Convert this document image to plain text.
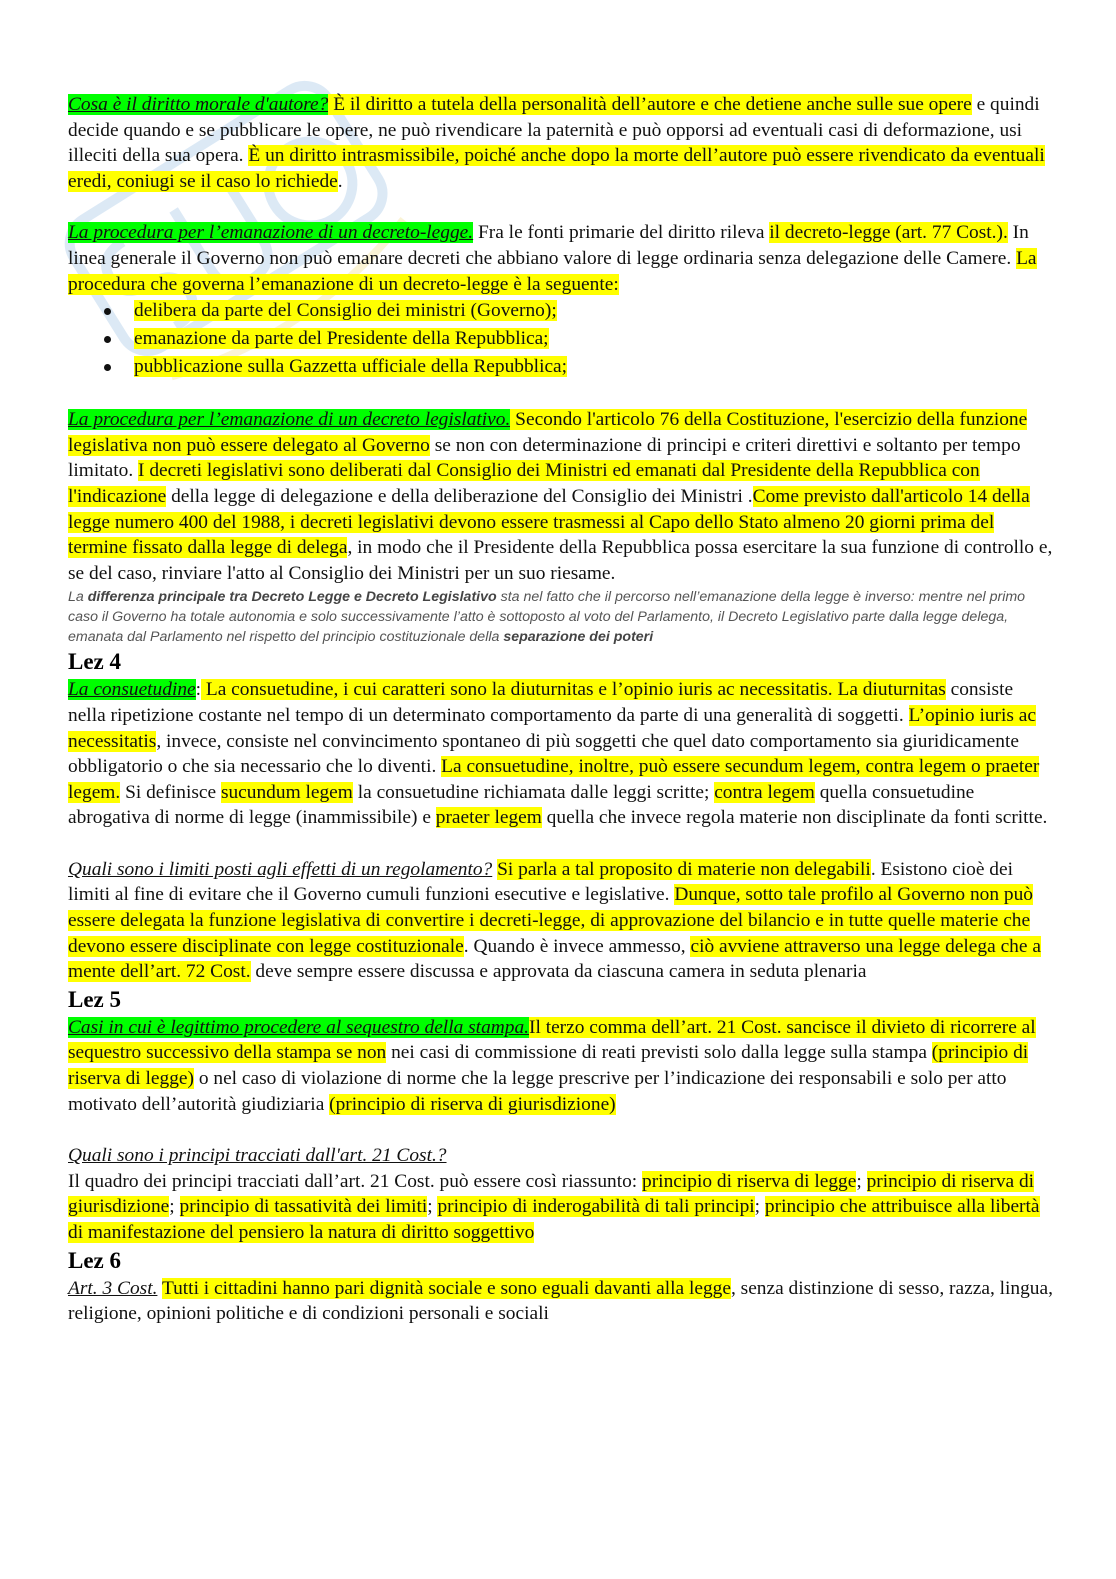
Cosa è il diritto morale d'autore? È il diritto a tutela della personalità dell’autore e che detiene anche sulle sue opere e quindi decide quando e se pubblicare le opere, ne può rivendicare la paternità e può opporsi ad eventuali casi di deformazione, usi illeciti della sua opera. È un diritto intrasmissibile, poiché anche dopo la morte dell’autore può essere rivendicato da eventuali eredi, coniugi se il caso lo richiede.

La procedura per l’emanazione di un decreto-legge. Fra le fonti primarie del diritto rileva il decreto-legge (art. 77 Cost.). In linea generale il Governo non può emanare decreti che abbiano valore di legge ordinaria senza delegazione delle Camere. La procedura che governa l’emanazione di un decreto-legge è la seguente:

delibera da parte del Consiglio dei ministri (Governo);
emanazione da parte del Presidente della Repubblica;
pubblicazione sulla Gazzetta ufficiale della Repubblica;

La procedura per l’emanazione di un decreto legislativo. Secondo l'articolo 76 della Costituzione, l'esercizio della funzione legislativa non può essere delegato al Governo se non con determinazione di principi e criteri direttivi e soltanto per tempo limitato. I decreti legislativi sono deliberati dal Consiglio dei Ministri ed emanati dal Presidente della Repubblica con l'indicazione della legge di delegazione e della deliberazione del Consiglio dei Ministri .Come previsto dall'articolo 14 della legge numero 400 del 1988, i decreti legislativi devono essere trasmessi al Capo dello Stato almeno 20 giorni prima del termine fissato dalla legge di delega, in modo che il Presidente della Repubblica possa esercitare la sua funzione di controllo e, se del caso, rinviare l'atto al Consiglio dei Ministri per un suo riesame.

La differenza principale tra Decreto Legge e Decreto Legislativo sta nel fatto che il percorso nell’emanazione della legge è inverso: mentre nel primo caso il Governo ha totale autonomia e solo successivamente l’atto è sottoposto al voto del Parlamento, il Decreto Legislativo parte dalla legge delega, emanata dal Parlamento nel rispetto del principio costituzionale della separazione dei poteri

Lez 4

La consuetudine: La consuetudine, i cui caratteri sono la diuturnitas e l’opinio iuris ac necessitatis. La diuturnitas consiste nella ripetizione costante nel tempo di un determinato comportamento da parte di una generalità di soggetti. L’opinio iuris ac necessitatis, invece, consiste nel convincimento spontaneo di più soggetti che quel dato comportamento sia giuridicamente obbligatorio o che sia necessario che lo diventi. La consuetudine, inoltre, può essere secundum legem, contra legem o praeter legem. Si definisce sucundum legem la consuetudine richiamata dalle leggi scritte; contra legem quella consuetudine abrogativa di norme di legge (inammissibile) e praeter legem quella che invece regola materie non disciplinate da fonti scritte.

Quali sono i limiti posti agli effetti di un regolamento? Si parla a tal proposito di materie non delegabili. Esistono cioè dei limiti al fine di evitare che il Governo cumuli funzioni esecutive e legislative. Dunque, sotto tale profilo al Governo non può essere delegata la funzione legislativa di convertire i decreti-legge, di approvazione del bilancio e in tutte quelle materie che devono essere disciplinate con legge costituzionale. Quando è invece ammesso, ciò avviene attraverso una legge delega che a mente dell’art. 72 Cost. deve sempre essere discussa e approvata da ciascuna camera in seduta plenaria

Lez 5

Casi in cui è legittimo procedere al sequestro della stampa.Il terzo comma dell’art. 21 Cost. sancisce il divieto di ricorrere al sequestro successivo della stampa se non nei casi di commissione di reati previsti solo dalla legge sulla stampa (principio di riserva di legge) o nel caso di violazione di norme che la legge prescrive per l’indicazione dei responsabili e solo per atto motivato dell’autorità giudiziaria (principio di riserva di giurisdizione)

Quali sono i principi tracciati dall'art. 21 Cost.?
Il quadro dei principi tracciati dall’art. 21 Cost. può essere così riassunto: principio di riserva di legge; principio di riserva di giurisdizione; principio di tassatività dei limiti; principio di inderogabilità di tali principi; principio che attribuisce alla libertà di manifestazione del pensiero la natura di diritto soggettivo

Lez 6

Art. 3 Cost. Tutti i cittadini hanno pari dignità sociale e sono eguali davanti alla legge, senza distinzione di sesso, razza, lingua, religione, opinioni politiche e di condizioni personali e sociali
